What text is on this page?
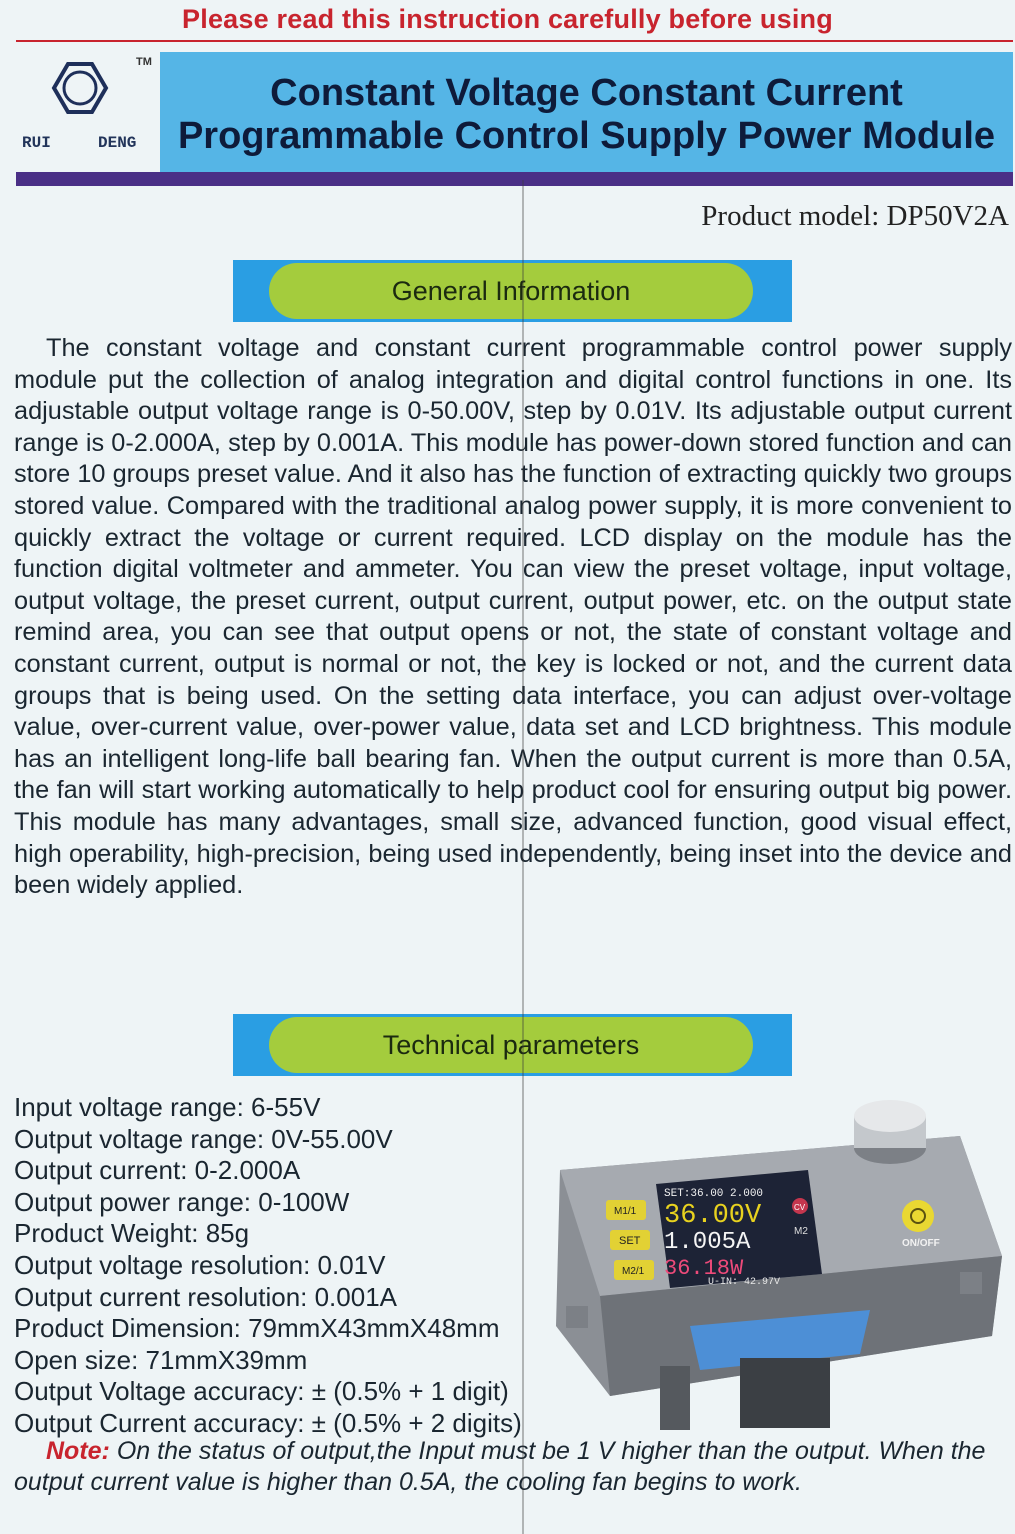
Please read this instruction carefully before using
TM
RUI	DENG
Constant Voltage Constant Current
Programmable Control Supply Power Module
Product model: DP50V2A
General Information

The constant voltage and constant current programmable control power supply module put the collection of analog integration and digital control functions in one. Its adjustable output voltage range is 0-50.00V, step by 0.01V. Its adjustable output current range is 0-2.000A, step by 0.001A. This module has power-down stored function and can store 10 groups preset value. And it also has the function of extracting quickly two groups stored value. Compared with the traditional analog power supply, it is more convenient to quickly extract the voltage or current required. LCD display on the module has the function digital voltmeter and ammeter. You can view the preset voltage, input voltage, output voltage, the preset current, output current, output power, etc. on the output state remind area, you can see that output opens or not, the state of constant voltage and constant current, output is normal or not, the key is locked or not, and the current data groups that is being used. On the setting data interface, you can adjust over-voltage value, over-current value, over-power value, data set and LCD brightness. This module has an intelligent long-life ball bearing fan. When the output current is more than 0.5A, the fan will start working automatically to help product cool for ensuring output big power. This module has many advantages, small size, advanced function, good visual effect, high operability, high-precision, being used independently, being inset into the device and been widely applied.

Technical parameters
Input voltage range: 6-55V
Output voltage range: 0V-55.00V
Output current: 0-2.000A
Output power range: 0-100W
Product Weight: 85g
Output voltage resolution: 0.01V
Output current resolution: 0.001A
Product Dimension: 79mmX43mmX48mm
Open size: 71mmX39mm
Output Voltage accuracy: ± (0.5% + 1 digit)
Output Current accuracy: ± (0.5% + 2 digits)
SET:36.00 2.000
36.00V
1.005A
36.18W
U-IN: 42.97V
CV
M2
M1/1
SET
M2/1
ON/OFF
Note: On the status of output,the Input must be 1 V higher than the output. When the output current value is higher than 0.5A, the cooling fan begins to work.
